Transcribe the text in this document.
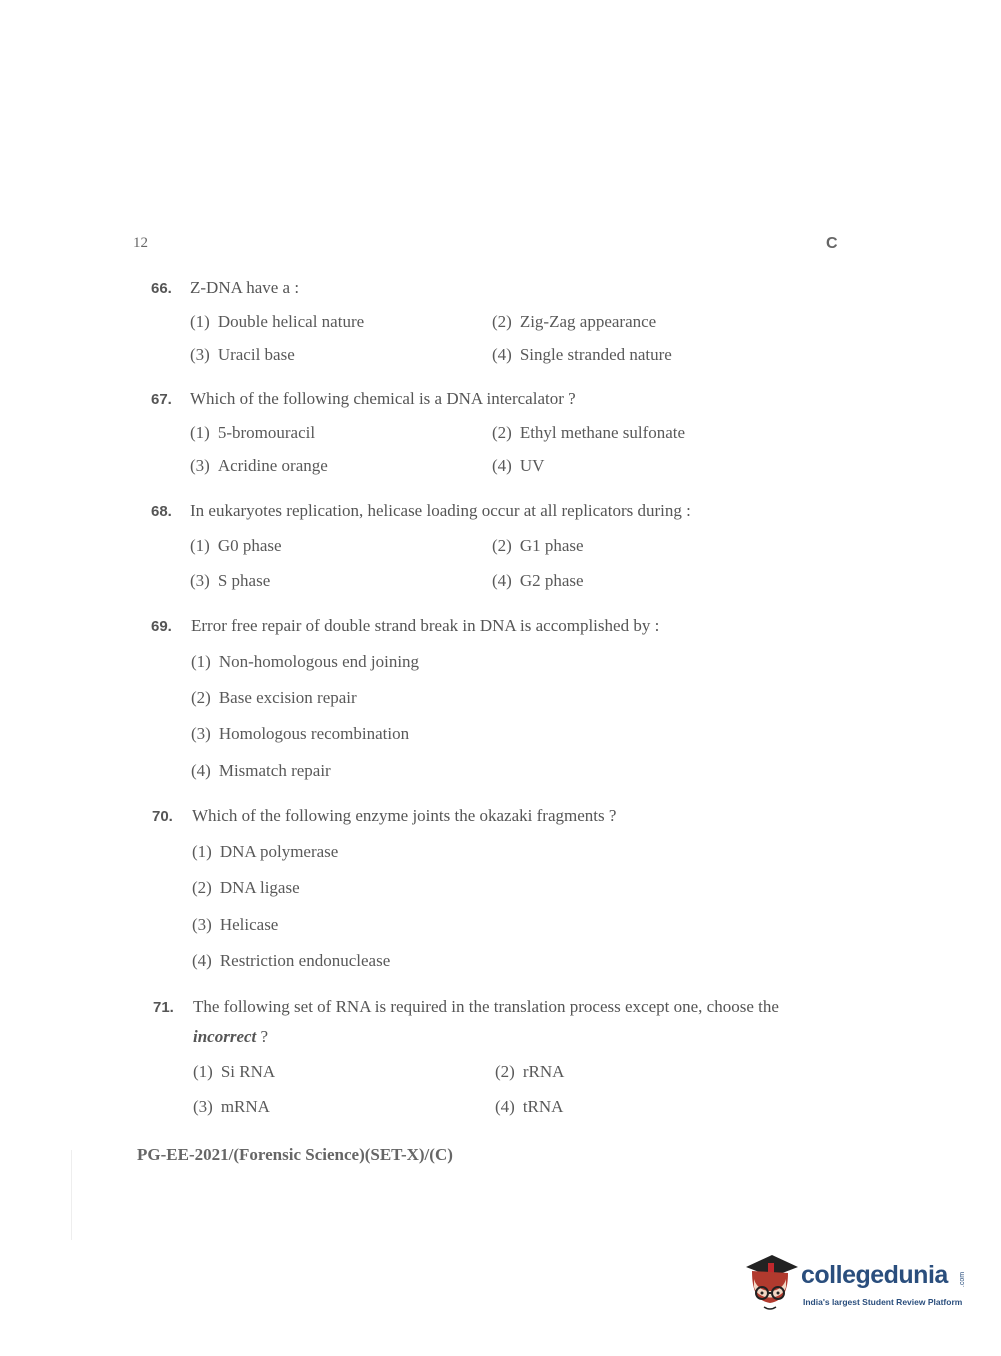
12	C
66. Z-DNA have a :
(1) Double helical nature	(2) Zig-Zag appearance
(3) Uracil base	(4) Single stranded nature
67. Which of the following chemical is a DNA intercalator ?
(1) 5-bromouracil	(2) Ethyl methane sulfonate
(3) Acridine orange	(4) UV
68. In eukaryotes replication, helicase loading occur at all replicators during :
(1) G0 phase	(2) G1 phase
(3) S phase	(4) G2 phase
69. Error free repair of double strand break in DNA is accomplished by :
(1) Non-homologous end joining
(2) Base excision repair
(3) Homologous recombination
(4) Mismatch repair
70. Which of the following enzyme joints the okazaki fragments ?
(1) DNA polymerase
(2) DNA ligase
(3) Helicase
(4) Restriction endonuclease
71. The following set of RNA is required in the translation process except one, choose the
incorrect ?
(1) Si RNA	(2) rRNA
(3) mRNA	(4) tRNA
PG-EE-2021/(Forensic Science)(SET-X)/(C)
collegedunia .com
India's largest Student Review Platform
